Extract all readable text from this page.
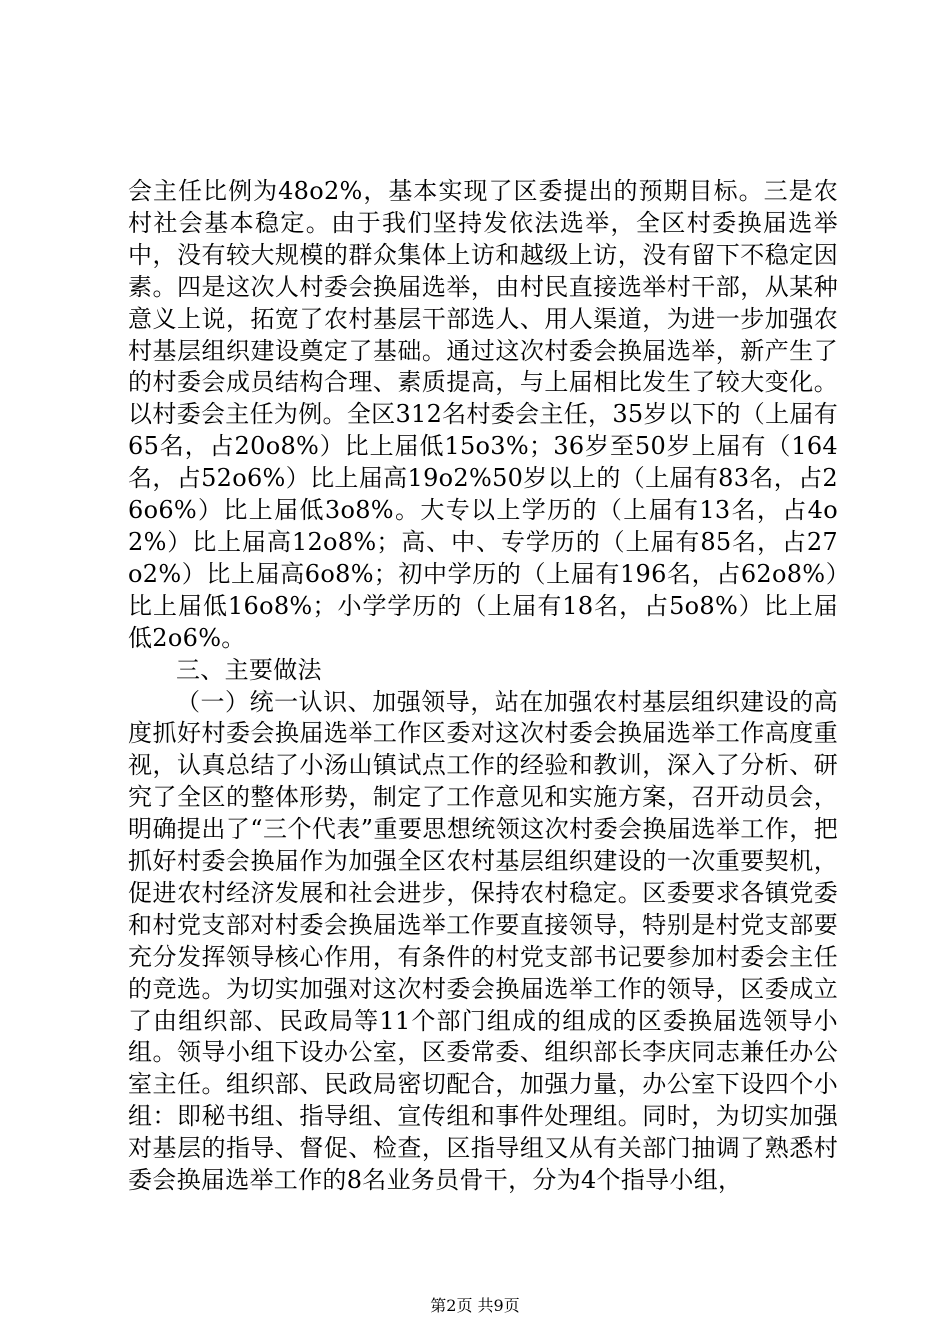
会主任比例为48o2%，基本实现了区委提出的预期目标。三是农村社会基本稳定。由于我们坚持发依法选举，全区村委换届选举中，没有较大规模的群众集体上访和越级上访，没有留下不稳定因素。四是这次人村委会换届选举，由村民直接选举村干部，从某种意义上说，拓宽了农村基层干部选人、用人渠道，为进一步加强农村基层组织建设奠定了基础。通过这次村委会换届选举，新产生了的村委会成员结构合理、素质提高，与上届相比发生了较大变化。以村委会主任为例。全区312名村委会主任，35岁以下的（上届有65名，占20o8%）比上届低15o3%；36岁至50岁上届有（164名，占52o6%）比上届高19o2%50岁以上的（上届有83名，占26o6%）比上届低3o8%。大专以上学历的（上届有13名，占4o2%）比上届高12o8%；高、中、专学历的（上届有85名，占27o2%）比上届高6o8%；初中学历的（上届有196名，占62o8%）比上届低16o8%；小学学历的（上届有18名，占5o8%）比上届低2o6%。

三、主要做法

（一）统一认识、加强领导，站在加强农村基层组织建设的高度抓好村委会换届选举工作区委对这次村委会换届选举工作高度重视，认真总结了小汤山镇试点工作的经验和教训，深入了分析、研究了全区的整体形势，制定了工作意见和实施方案，召开动员会，明确提出了“三个代表”重要思想统领这次村委会换届选举工作，把抓好村委会换届作为加强全区农村基层组织建设的一次重要契机，促进农村经济发展和社会进步，保持农村稳定。区委要求各镇党委和村党支部对村委会换届选举工作要直接领导，特别是村党支部要充分发挥领导核心作用，有条件的村党支部书记要参加村委会主任的竞选。为切实加强对这次村委会换届选举工作的领导，区委成立了由组织部、民政局等11个部门组成的组成的区委换届选领导小组。领导小组下设办公室，区委常委、组织部长李庆同志兼任办公室主任。组织部、民政局密切配合，加强力量，办公室下设四个小组：即秘书组、指导组、宣传组和事件处理组。同时，为切实加强对基层的指导、督促、检查，区指导组又从有关部门抽调了熟悉村委会换届选举工作的8名业务员骨干，分为4个指导小组，

第2页 共9页
